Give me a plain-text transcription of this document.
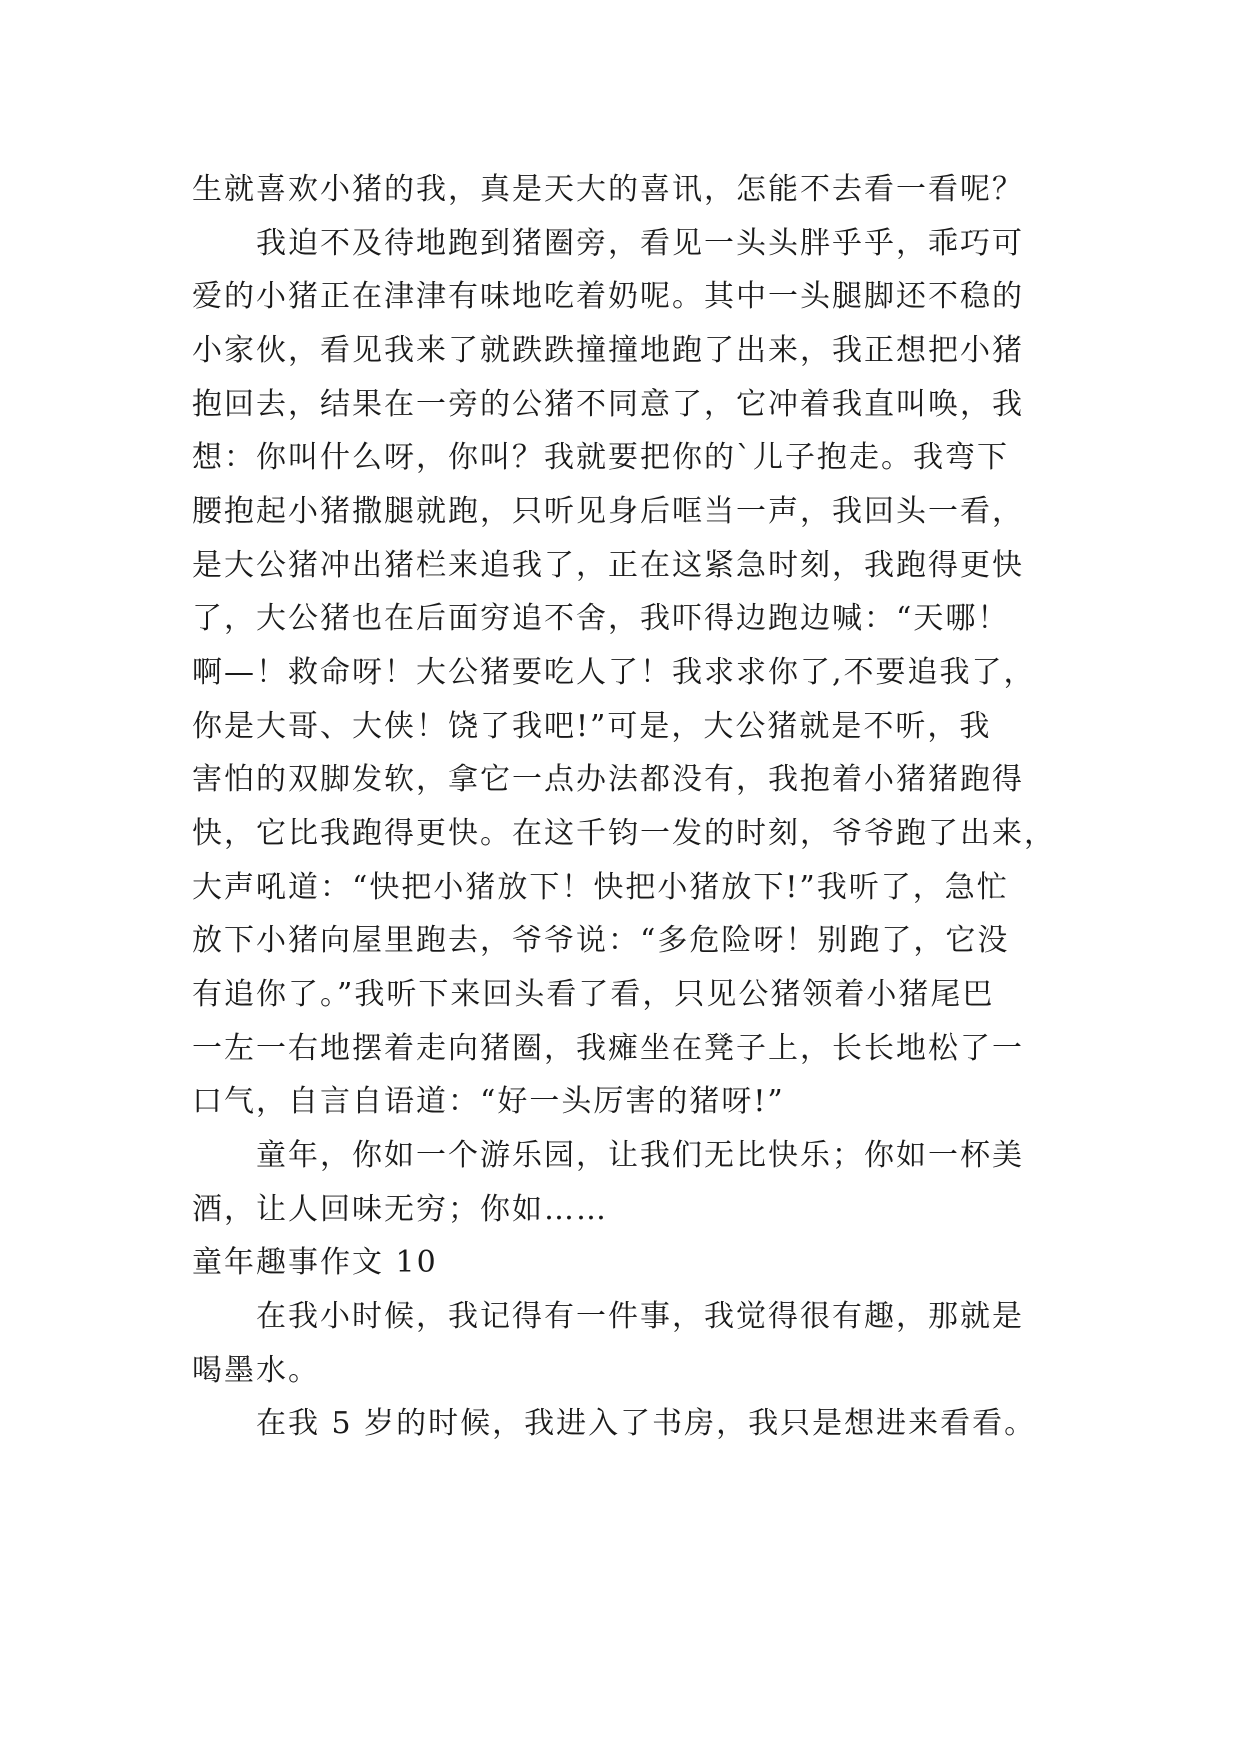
生就喜欢小猪的我，真是天大的喜讯，怎能不去看一看呢？
我迫不及待地跑到猪圈旁，看见一头头胖乎乎，乖巧可
爱的小猪正在津津有味地吃着奶呢。其中一头腿脚还不稳的
小家伙，看见我来了就跌跌撞撞地跑了出来，我正想把小猪
抱回去，结果在一旁的公猪不同意了，它冲着我直叫唤，我
想：你叫什么呀，你叫？我就要把你的`儿子抱走。我弯下
腰抱起小猪撒腿就跑，只听见身后哐当一声，我回头一看，
是大公猪冲出猪栏来追我了，正在这紧急时刻，我跑得更快
了，大公猪也在后面穷追不舍，我吓得边跑边喊：“天哪！
啊—！救命呀！大公猪要吃人了！我求求你了,不要追我了，
你是大哥、大侠！饶了我吧!”可是，大公猪就是不听，我
害怕的双脚发软，拿它一点办法都没有，我抱着小猪猪跑得
快，它比我跑得更快。在这千钧一发的时刻，爷爷跑了出来，
大声吼道：“快把小猪放下！快把小猪放下!”我听了，急忙
放下小猪向屋里跑去，爷爷说：“多危险呀！别跑了，它没
有追你了。”我听下来回头看了看，只见公猪领着小猪尾巴
一左一右地摆着走向猪圈，我瘫坐在凳子上，长长地松了一
口气，自言自语道：“好一头厉害的猪呀!”
童年，你如一个游乐园，让我们无比快乐；你如一杯美
酒，让人回味无穷；你如……
童年趣事作文 10
在我小时候，我记得有一件事，我觉得很有趣，那就是
喝墨水。
在我 5 岁的时候，我进入了书房，我只是想进来看看。
